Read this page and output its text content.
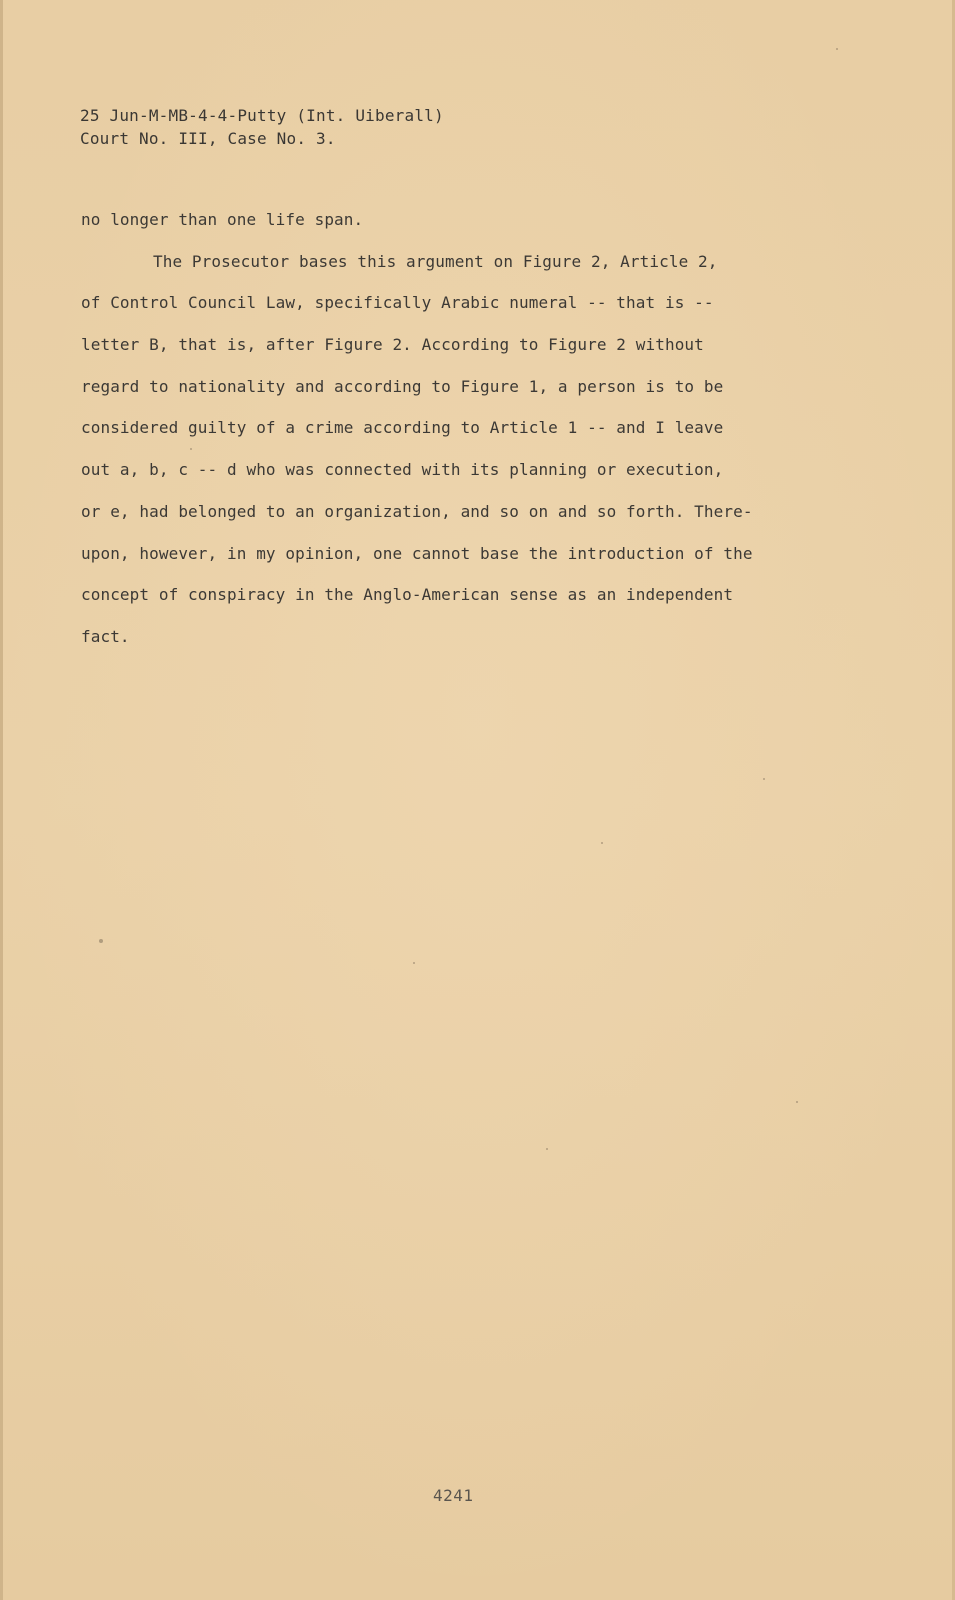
25 Jun-M-MB-4-4-Putty (Int. Uiberall)
Court No. III, Case No. 3.
no longer than one life span.
The Prosecutor bases this argument on Figure 2, Article 2,
of Control Council Law, specifically Arabic numeral -- that is --
letter B, that is, after Figure 2. According to Figure 2 without
regard to nationality and according to Figure 1, a person is to be
considered guilty of a crime according to Article 1 -- and I leave
out a, b, c -- d who was connected with its planning or execution,
or e, had belonged to an organization, and so on and so forth. There-
upon, however, in my opinion, one cannot base the introduction of the
concept of conspiracy in the Anglo-American sense as an independent
fact.
4241
